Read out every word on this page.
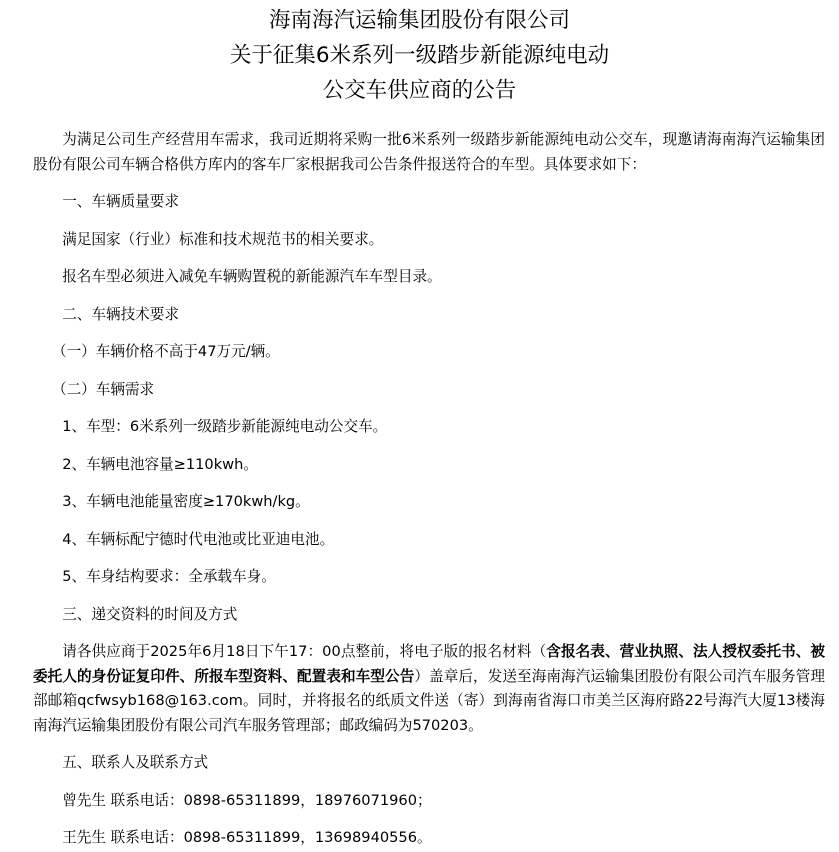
海南海汽运输集团股份有限公司
关于征集6米系列一级踏步新能源纯电动
公交车供应商的公告

为满足公司生产经营用车需求，我司近期将采购一批6米系列一级踏步新能源纯电动公交车，现邀请海南海汽运输集团股份有限公司车辆合格供方库内的客车厂家根据我司公告条件报送符合的车型。具体要求如下：

一、车辆质量要求

满足国家（行业）标准和技术规范书的相关要求。

报名车型必须进入减免车辆购置税的新能源汽车车型目录。

二、车辆技术要求

（一）车辆价格不高于47万元/辆。

（二）车辆需求

1、车型：6米系列一级踏步新能源纯电动公交车。

2、车辆电池容量≥110kwh。

3、车辆电池能量密度≥170kwh/kg。

4、车辆标配宁德时代电池或比亚迪电池。

5、车身结构要求：全承载车身。

三、递交资料的时间及方式

请各供应商于2025年6月18日下午17：00点整前，将电子版的报名材料（含报名表、营业执照、法人授权委托书、被委托人的身份证复印件、所报车型资料、配置表和车型公告）盖章后，发送至海南海汽运输集团股份有限公司汽车服务管理部邮箱qcfwsyb168@163.com。同时，并将报名的纸质文件送（寄）到海南省海口市美兰区海府路22号海汽大厦13楼海南海汽运输集团股份有限公司汽车服务管理部；邮政编码为570203。

五、联系人及联系方式

曾先生 联系电话：0898-65311899，18976071960；

王先生 联系电话：0898-65311899，13698940556。
